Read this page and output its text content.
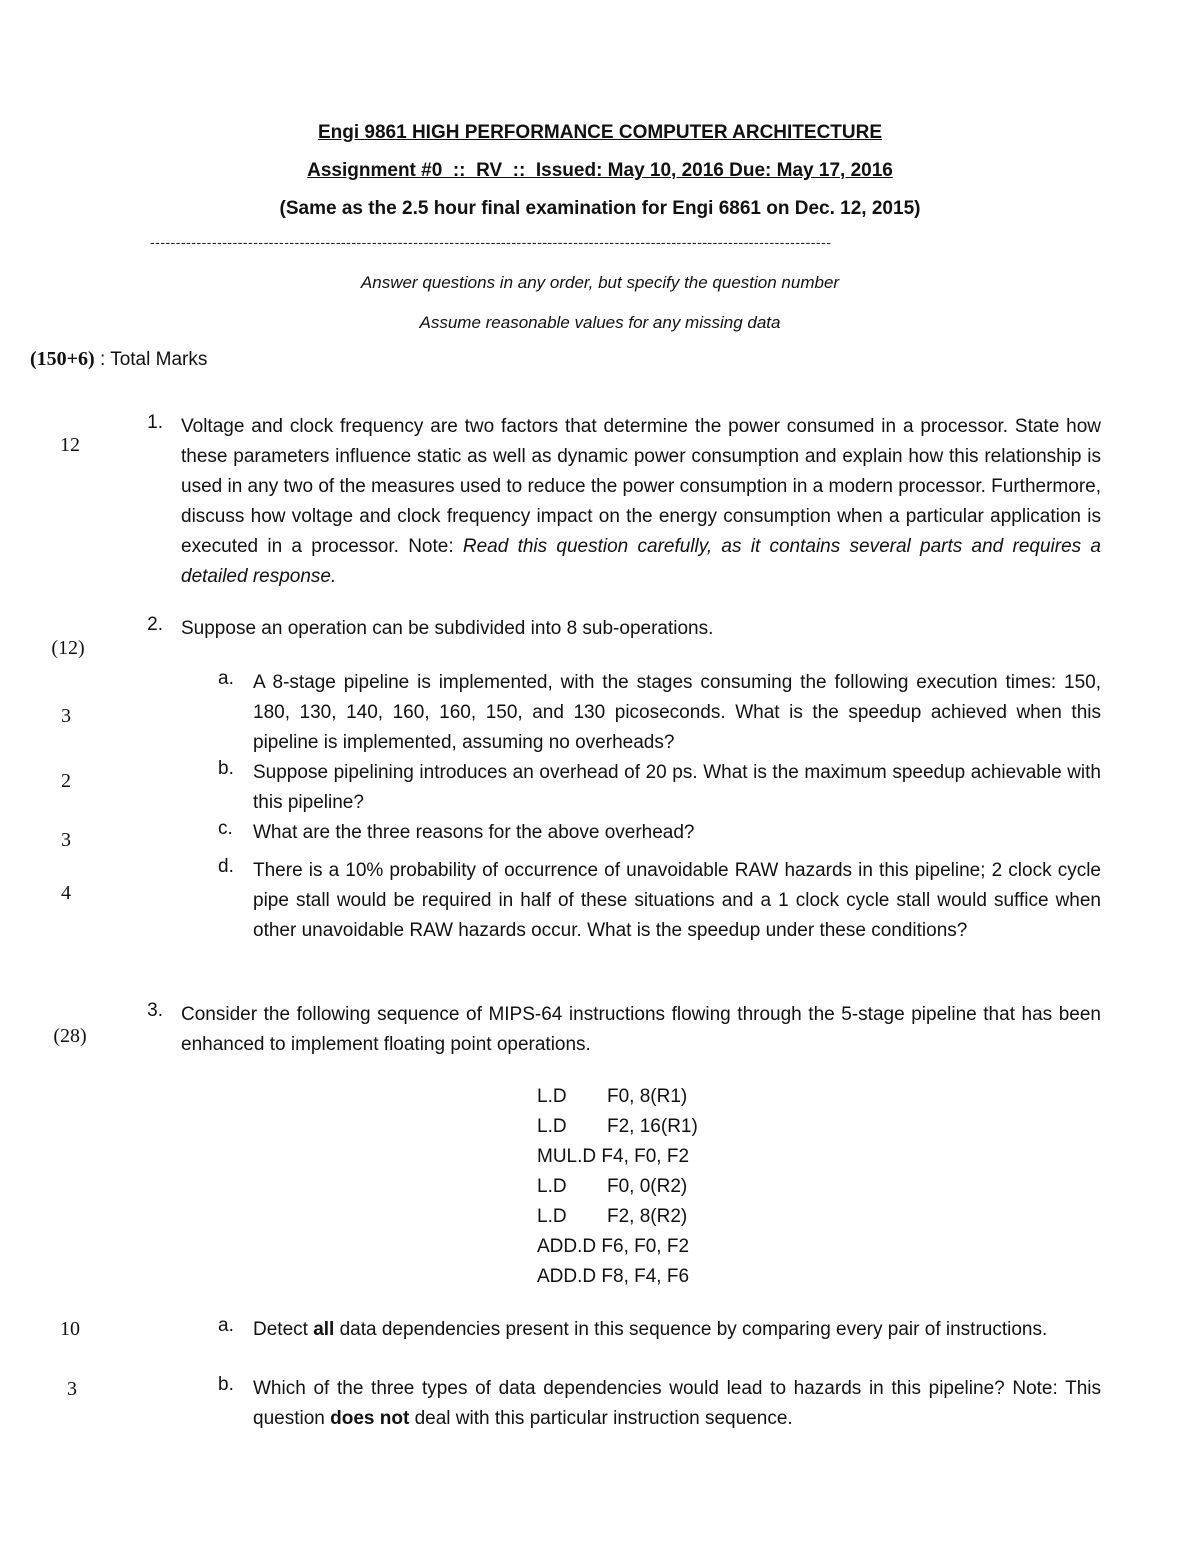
Engi 9861 HIGH PERFORMANCE COMPUTER ARCHITECTURE
Assignment #0  ::  RV  ::  Issued: May 10, 2016 Due: May 17, 2016
(Same as the 2.5 hour final examination for Engi 6861 on Dec. 12, 2015)
------------------------------------------------------------------------------------------------------------------------------------
Answer questions in any order, but specify the question number
Assume reasonable values for any missing data
(150+6) : Total Marks
12
1. Voltage and clock frequency are two factors that determine the power consumed in a processor. State how these parameters influence static as well as dynamic power consumption and explain how this relationship is used in any two of the measures used to reduce the power consumption in a modern processor. Furthermore, discuss how voltage and clock frequency impact on the energy consumption when a particular application is executed in a processor. Note: Read this question carefully, as it contains several parts and requires a detailed response.
(12)
2. Suppose an operation can be subdivided into 8 sub-operations.
3
a. A 8-stage pipeline is implemented, with the stages consuming the following execution times: 150, 180, 130, 140, 160, 160, 150, and 130 picoseconds. What is the speedup achieved when this pipeline is implemented, assuming no overheads?
2
b. Suppose pipelining introduces an overhead of 20 ps. What is the maximum speedup achievable with this pipeline?
3
c. What are the three reasons for the above overhead?
4
d. There is a 10% probability of occurrence of unavoidable RAW hazards in this pipeline; 2 clock cycle pipe stall would be required in half of these situations and a 1 clock cycle stall would suffice when other unavoidable RAW hazards occur. What is the speedup under these conditions?
(28)
3. Consider the following sequence of MIPS-64 instructions flowing through the 5-stage pipeline that has been enhanced to implement floating point operations.
L.D F0, 8(R1)
L.D F2, 16(R1)
MUL.D F4, F0, F2
L.D F0, 0(R2)
L.D F2, 8(R2)
ADD.D F6, F0, F2
ADD.D F8, F4, F6
10	a. Detect all data dependencies present in this sequence by comparing every pair of instructions.
3	b. Which of the three types of data dependencies would lead to hazards in this pipeline? Note: This question does not deal with this particular instruction sequence.
